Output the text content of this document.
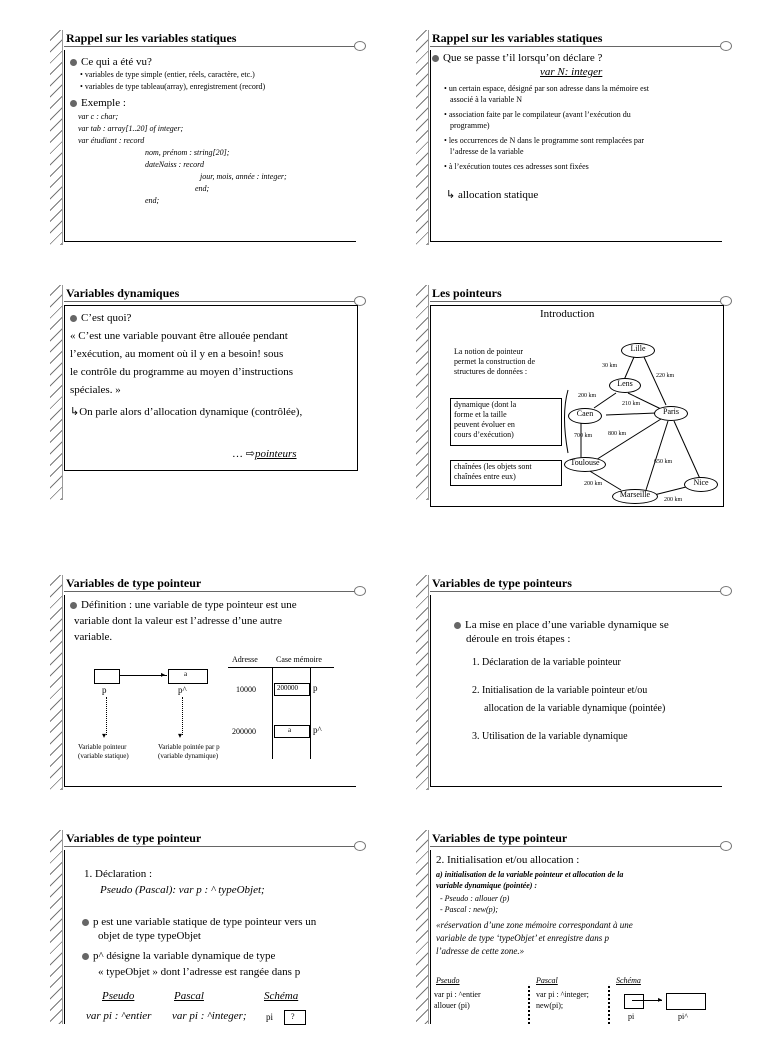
Rappel sur les variables statiques
Ce qui a été vu?
• variables de type simple (entier, réels, caractère, etc.)
• variables de type tableau(array), enregistrement (record)
Exemple :
var c : char;
var tab : array[1..20] of integer;
var étudiant : record
nom, prénom : string[20];
dateNaiss : record
jour, mois, année : integer;
end;
end;
Rappel sur les variables statiques
Que se passe t’il lorsqu’on déclare ?
var N: integer
• un certain espace, désigné par son adresse dans la mémoire est
associé à la variable N
• association faite par le compilateur (avant l’exécution du
programme)
• les occurrences de N dans le programme sont remplacées par
l’adresse de la variable
• à l’exécution toutes ces adresses sont fixées
↳ allocation statique
Variables dynamiques
C’est quoi?
« C’est une variable pouvant être allouée pendant
l’exécution, au moment où il y en a besoin! sous
le contrôle du programme au moyen d’instructions
spéciales. »
↳On parle alors d’allocation dynamique (contrôlée),
… ⇨pointeurs
Les pointeurs
Introduction
La notion de pointeur
permet la construction de
structures de données :
dynamique (dont la
forme et la taille
peuvent évoluer en
cours d’exécution)
chaînées (les objets sont
chaînées entre eux)
Lille
Lens
Caen	Paris
Toulouse
Marseille
Nice
30 km
220 km
200 km
210 km
800 km
700 km
650 km
200 km
200 km
Variables de type pointeur
Définition : une variable de type pointeur est une
variable dont la valeur est l’adresse d’une autre
variable.
▸	a
p	p^
▾	▾
Variable pointeur
(variable statique)
Variable pointée par p
(variable dynamique)
Adresse Case mémoire
10000	200000 p
200000	a p^
Variables de type pointeurs
La mise en place d’une variable dynamique se
déroule en trois étapes :
1. Déclaration de la variable pointeur
2. Initialisation de la variable pointeur et/ou
allocation de la variable dynamique (pointée)
3. Utilisation de la variable dynamique
Variables de type pointeur
1. Déclaration :
Pseudo (Pascal): var p : ^ typeObjet;
p est une variable statique de type pointeur vers un
objet de type typeObjet
p^ désigne la variable dynamique de type
« typeObjet » dont l’adresse est rangée dans p
Pseudo	Pascal	Schéma
var pi : ^entier var pi : ^integer; pi ?
Variables de type pointeur
2. Initialisation et/ou allocation :
a) initialisation de la variable pointeur et allocation de la
variable dynamique (pointée) :
- Pseudo : allouer (p)
- Pascal : new(p);
«réservation d’une zone mémoire correspondant à une
variable de type ‘typeObjet’ et enregistre dans p
l’adresse de cette zone.»
Pseudo	Pascal	Schéma
var pi : ^entier
allouer (pi)
var pi : ^integer;
new(pi);
▸
pi	pi^
